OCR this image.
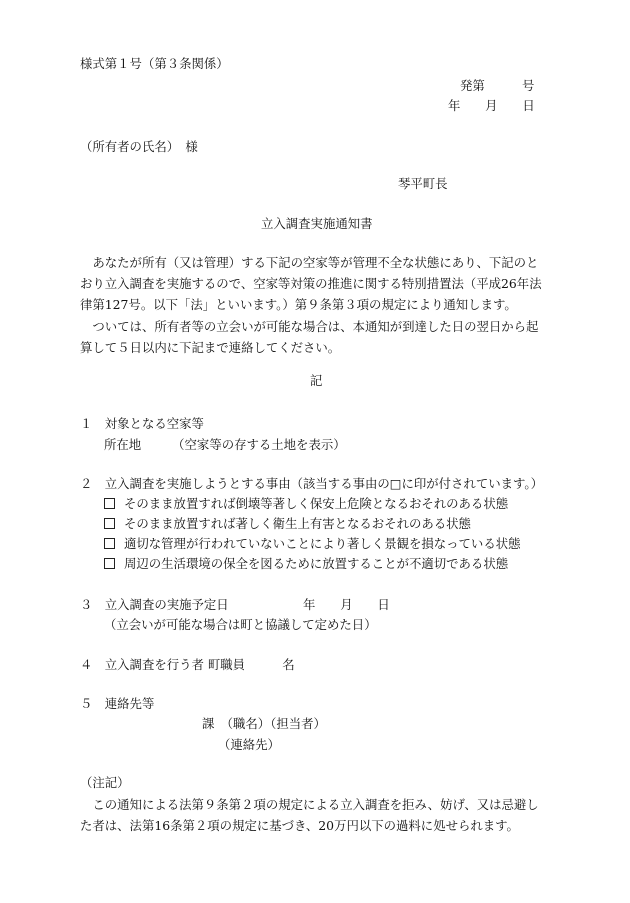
様式第１号（第３条関係）
発第　　　号
年　　月　　日
（所有者の氏名）　様
琴平町長
立入調査実施通知書
　あなたが所有（又は管理）する下記の空家等が管理不全な状態にあり、下記のとおり立入調査を実施するので、空家等対策の推進に関する特別措置法（平成26年法律第127号。以下「法」といいます。）第９条第３項の規定により通知します。
　ついては、所有者等の立会いが可能な場合は、本通知が到達した日の翌日から起算して５日以内に下記まで連絡してください。
記
１　対象となる空家等
所在地　　　（空家等の存する土地を表示）
２　立入調査を実施しようとする事由（該当する事由の□に印が付されています。）
そのまま放置すれば倒壊等著しく保安上危険となるおそれのある状態
そのまま放置すれば著しく衛生上有害となるおそれのある状態
適切な管理が行われていないことにより著しく景観を損なっている状態
周辺の生活環境の保全を図るために放置することが不適切である状態
３　立入調査の実施予定日　　　　　　年　　月　　日
（立会いが可能な場合は町と協議して定めた日）
４　立入調査を行う者 町職員　　　名
５　連絡先等
課　（職名）（担当者）
（連絡先）
（注記）
　この通知による法第９条第２項の規定による立入調査を拒み、妨げ、又は忌避した者は、法第16条第２項の規定に基づき、20万円以下の過料に処せられます。
